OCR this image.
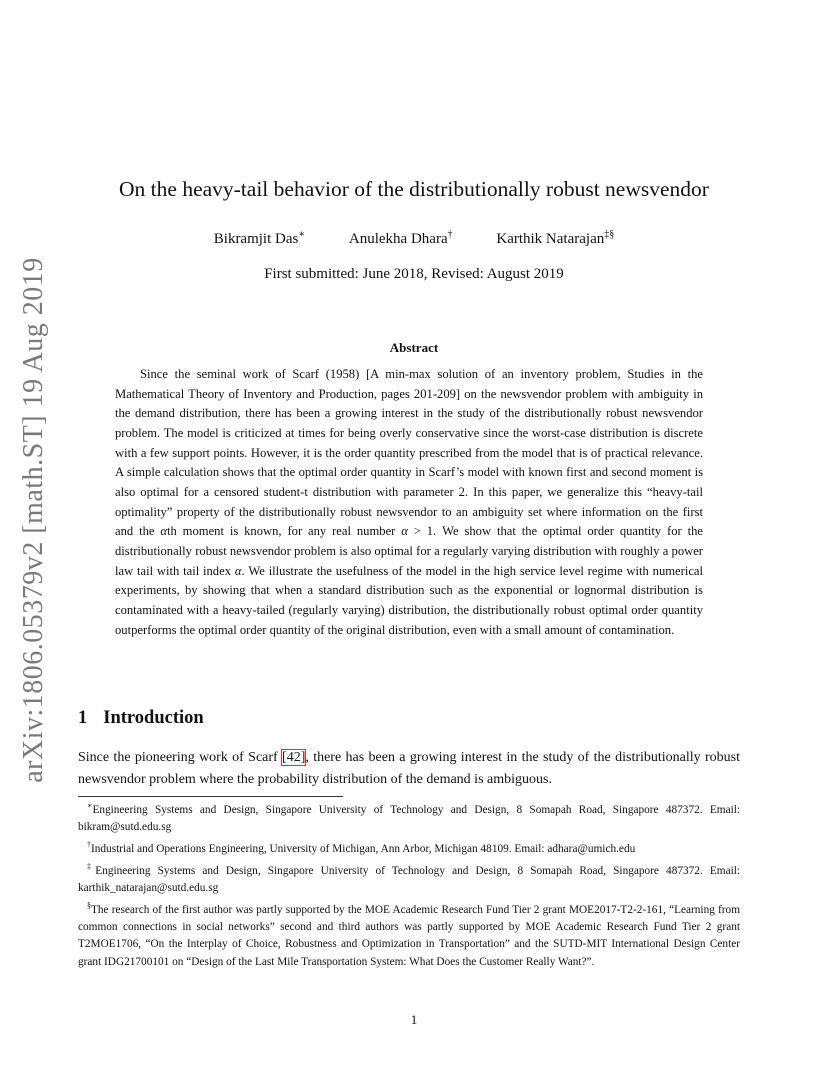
arXiv:1806.05379v2 [math.ST] 19 Aug 2019
On the heavy-tail behavior of the distributionally robust newsvendor
Bikramjit Das∗	Anulekha Dhara†	Karthik Natarajan‡§
First submitted: June 2018, Revised: August 2019
Abstract

Since the seminal work of Scarf (1958) [A min-max solution of an inventory problem, Studies in the Mathematical Theory of Inventory and Production, pages 201-209] on the newsvendor problem with ambiguity in the demand distribution, there has been a growing interest in the study of the distributionally robust newsvendor problem. The model is criticized at times for being overly conservative since the worst-case distribution is discrete with a few support points. However, it is the order quantity prescribed from the model that is of practical relevance. A simple calculation shows that the optimal order quantity in Scarf’s model with known first and second moment is also optimal for a censored student-t distribution with parameter 2. In this paper, we generalize this “heavy-tail optimality” property of the distributionally robust newsvendor to an ambiguity set where information on the first and the αth moment is known, for any real number α > 1. We show that the optimal order quantity for the distributionally robust newsvendor problem is also optimal for a regularly varying distribution with roughly a power law tail with tail index α. We illustrate the usefulness of the model in the high service level regime with numerical experiments, by showing that when a standard distribution such as the exponential or lognormal distribution is contaminated with a heavy-tailed (regularly varying) distribution, the distributionally robust optimal order quantity outperforms the optimal order quantity of the original distribution, even with a small amount of contamination.

1 Introduction

Since the pioneering work of Scarf [42], there has been a growing interest in the study of the distributionally robust newsvendor problem where the probability distribution of the demand is ambiguous.

∗Engineering Systems and Design, Singapore University of Technology and Design, 8 Somapah Road, Singapore 487372. Email: bikram@sutd.edu.sg

†Industrial and Operations Engineering, University of Michigan, Ann Arbor, Michigan 48109. Email: adhara@umich.edu

‡Engineering Systems and Design, Singapore University of Technology and Design, 8 Somapah Road, Singapore 487372. Email: karthik_natarajan@sutd.edu.sg

§The research of the first author was partly supported by the MOE Academic Research Fund Tier 2 grant MOE2017-T2-2-161, “Learning from common connections in social networks” second and third authors was partly supported by MOE Academic Research Fund Tier 2 grant T2MOE1706, “On the Interplay of Choice, Robustness and Optimization in Transportation” and the SUTD-MIT International Design Center grant IDG21700101 on “Design of the Last Mile Transportation System: What Does the Customer Really Want?”.

1
